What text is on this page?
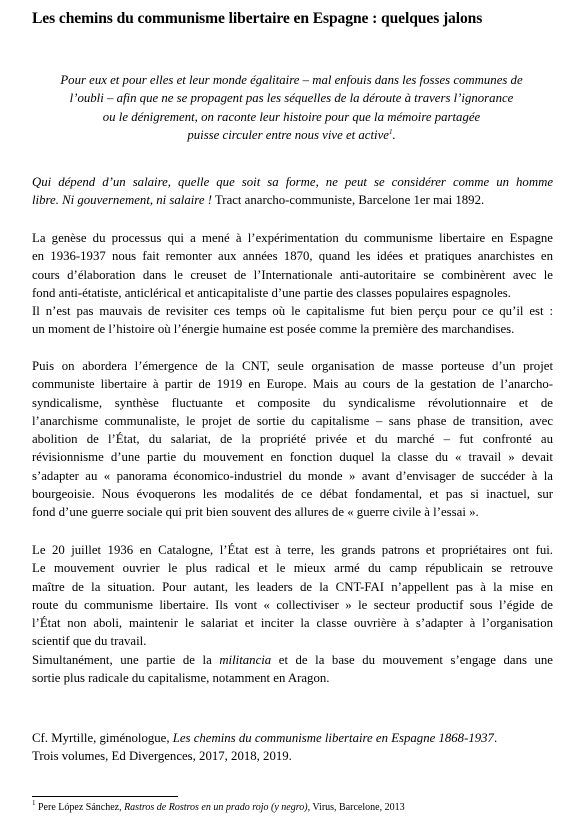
Les chemins du communisme libertaire en Espagne : quelques jalons

Pour eux et pour elles et leur monde égalitaire – mal enfouis dans les fosses communes de

l’oubli – afin que ne se propagent pas les séquelles de la déroute à travers l’ignorance

ou le dénigrement, on raconte leur histoire pour que la mémoire partagée

puisse circuler entre nous vive et active$^1$.

Qui dépend d’un salaire, quelle que soit sa forme, ne peut se considérer comme un homme
libre. Ni gouvernement, ni salaire ! Tract anarcho-communiste, Barcelone 1er mai 1892.
La genèse du processus qui a mené à l’expérimentation du communisme libertaire en Espagne
en 1936-1937 nous fait remonter aux années 1870, quand les idées et pratiques anarchistes en
cours d’élaboration dans le creuset de l’Internationale anti-autoritaire se combinèrent avec le
fond anti-étatiste, anticlérical et anticapitaliste d’une partie des classes populaires espagnoles.
Il n’est pas mauvais de revisiter ces temps où le capitalisme fut bien perçu pour ce qu’il est :
un moment de l’histoire où l’énergie humaine est posée comme la première des marchandises.
Puis on abordera l’émergence de la CNT, seule organisation de masse porteuse d’un projet
communiste libertaire à partir de 1919 en Europe. Mais au cours de la gestation de l’anarcho-
syndicalisme, synthèse fluctuante et composite du syndicalisme révolutionnaire et de
l’anarchisme communaliste, le projet de sortie du capitalisme – sans phase de transition, avec
abolition de l’État, du salariat, de la propriété privée et du marché – fut confronté au
révisionnisme d’une partie du mouvement en fonction duquel la classe du « travail » devait
s’adapter au « panorama économico-industriel du monde » avant d’envisager de succéder à la
bourgeoisie. Nous évoquerons les modalités de ce débat fondamental, et pas si inactuel, sur
fond d’une guerre sociale qui prit bien souvent des allures de « guerre civile à l’essai ».
Le 20 juillet 1936 en Catalogne, l’État est à terre, les grands patrons et propriétaires ont fui.
Le mouvement ouvrier le plus radical et le mieux armé du camp républicain se retrouve
maître de la situation. Pour autant, les leaders de la CNT-FAI n’appellent pas à la mise en
route du communisme libertaire. Ils vont « collectiviser » le secteur productif sous l’égide de
l’État non aboli, maintenir le salariat et inciter la classe ouvrière à s’adapter à l’organisation
scientif que du travail.
Simultanément, une partie de la militancia et de la base du mouvement s’engage dans une
sortie plus radicale du capitalisme, notamment en Aragon.
Cf. Myrtille, giménologue, Les chemins du communisme libertaire en Espagne 1868-1937.
Trois volumes, Ed Divergences, 2017, 2018, 2019.
$^1$ Pere López Sánchez, Rastros de Rostros en un prado rojo (y negro), Virus, Barcelone, 2013
